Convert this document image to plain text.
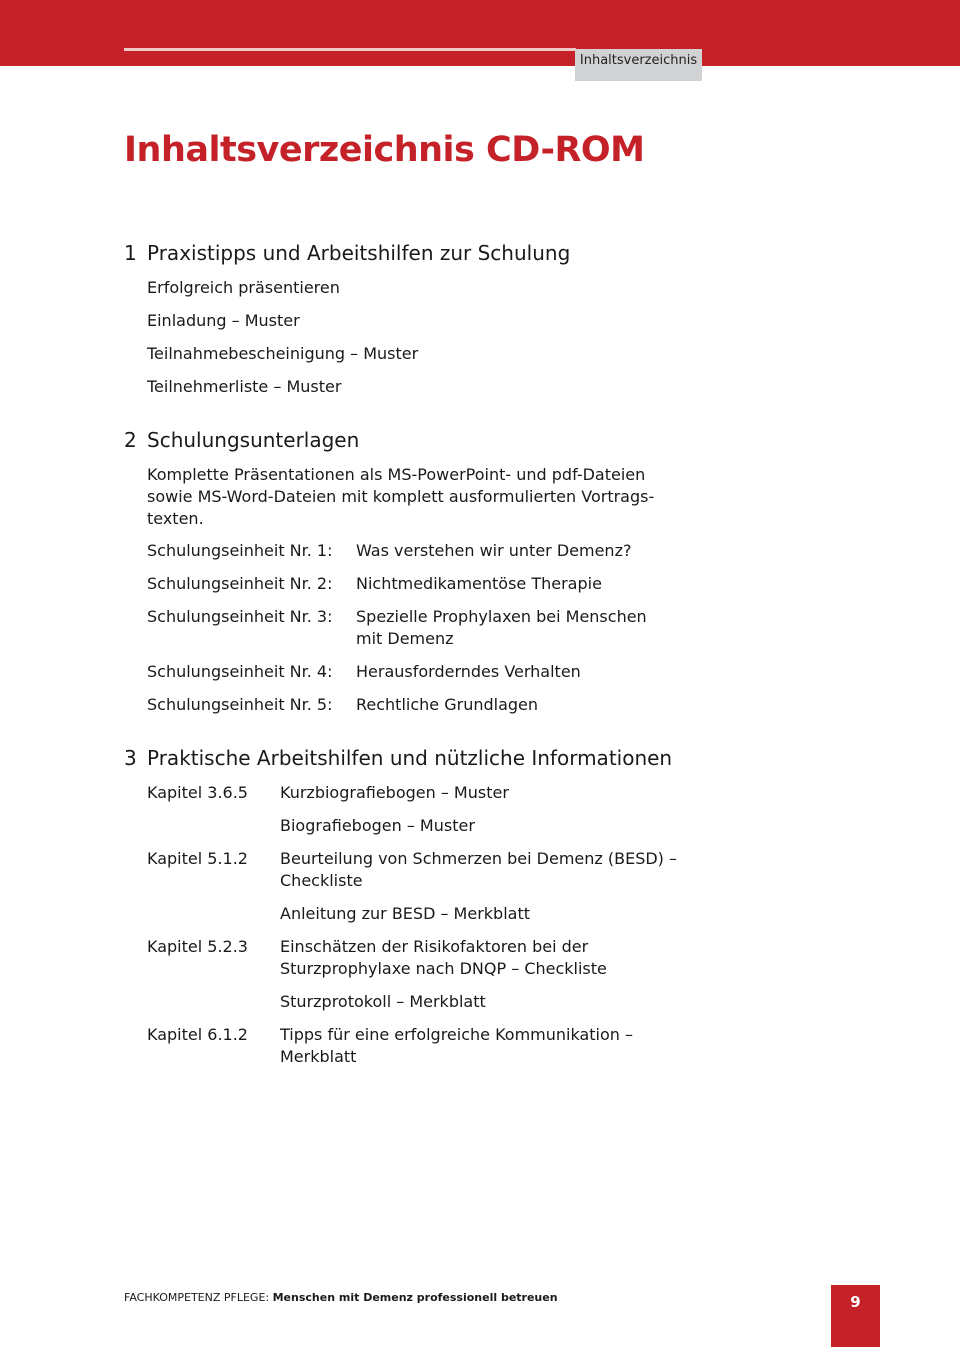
Inhaltsverzeichnis
Inhaltsverzeichnis CD-ROM
1 Praxistipps und Arbeitshilfen zur Schulung
Erfolgreich präsentieren
Einladung – Muster
Teilnahmebescheinigung – Muster
Teilnehmerliste – Muster
2 Schulungsunterlagen
Komplette Präsentationen als MS-PowerPoint- und pdf-Dateien
sowie MS-Word-Dateien mit komplett ausformulierten Vortrags-
texten.
Schulungseinheit Nr. 1: Was verstehen wir unter Demenz?
Schulungseinheit Nr. 2: Nichtmedikamentöse Therapie
Schulungseinheit Nr. 3: Spezielle Prophylaxen bei Menschen
mit Demenz
Schulungseinheit Nr. 4: Herausforderndes Verhalten
Schulungseinheit Nr. 5: Rechtliche Grundlagen
3 Praktische Arbeitshilfen und nützliche Informationen
Kapitel 3.6.5 Kurzbiografiebogen – Muster
Biografiebogen – Muster
Kapitel 5.1.2 Beurteilung von Schmerzen bei Demenz (BESD) –
Checkliste
Anleitung zur BESD – Merkblatt
Kapitel 5.2.3 Einschätzen der Risikofaktoren bei der
Sturzprophylaxe nach DNQP – Checkliste
Sturzprotokoll – Merkblatt
Kapitel 6.1.2 Tipps für eine erfolgreiche Kommunikation –
Merkblatt
FACHKOMPETENZ PFLEGE: Menschen mit Demenz professionell betreuen	9
